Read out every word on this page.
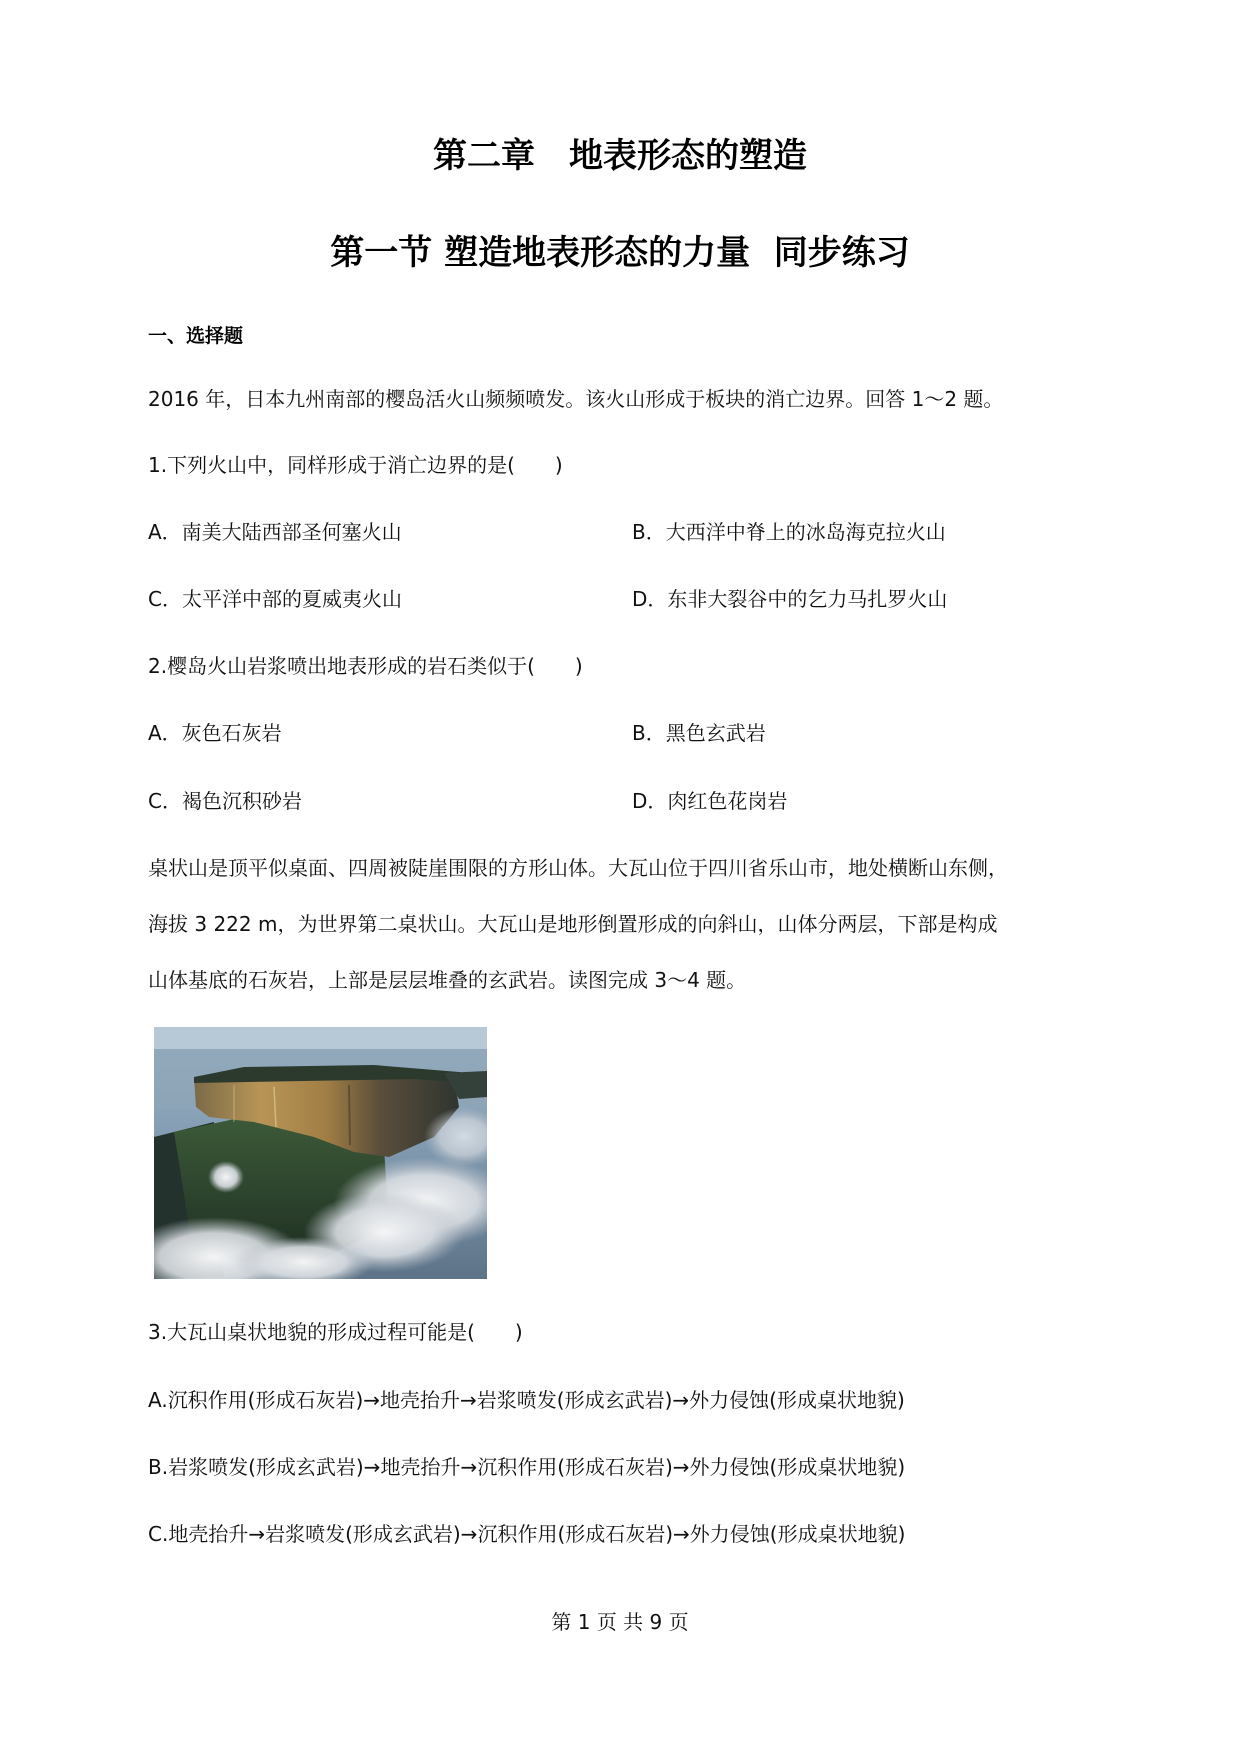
第二章　地表形态的塑造
第一节 塑造地表形态的力量  同步练习
一、选择题
2016 年，日本九州南部的樱岛活火山频频喷发。该火山形成于板块的消亡边界。回答 1～2 题。
1.下列火山中，同样形成于消亡边界的是(　　)
A．南美大陆西部圣何塞火山	B．大西洋中脊上的冰岛海克拉火山
C．太平洋中部的夏威夷火山	D．东非大裂谷中的乞力马扎罗火山
2.樱岛火山岩浆喷出地表形成的岩石类似于(　　)
A．灰色石灰岩	B．黑色玄武岩
C．褐色沉积砂岩	D．肉红色花岗岩
桌状山是顶平似桌面、四周被陡崖围限的方形山体。大瓦山位于四川省乐山市，地处横断山东侧，
海拔 3 222 m，为世界第二桌状山。大瓦山是地形倒置形成的向斜山，山体分两层，下部是构成
山体基底的石灰岩，上部是层层堆叠的玄武岩。读图完成 3～4 题。
3.大瓦山桌状地貌的形成过程可能是(　　)
A.沉积作用(形成石灰岩)→地壳抬升→岩浆喷发(形成玄武岩)→外力侵蚀(形成桌状地貌)
B.岩浆喷发(形成玄武岩)→地壳抬升→沉积作用(形成石灰岩)→外力侵蚀(形成桌状地貌)
C.地壳抬升→岩浆喷发(形成玄武岩)→沉积作用(形成石灰岩)→外力侵蚀(形成桌状地貌)
第 1 页 共 9 页
